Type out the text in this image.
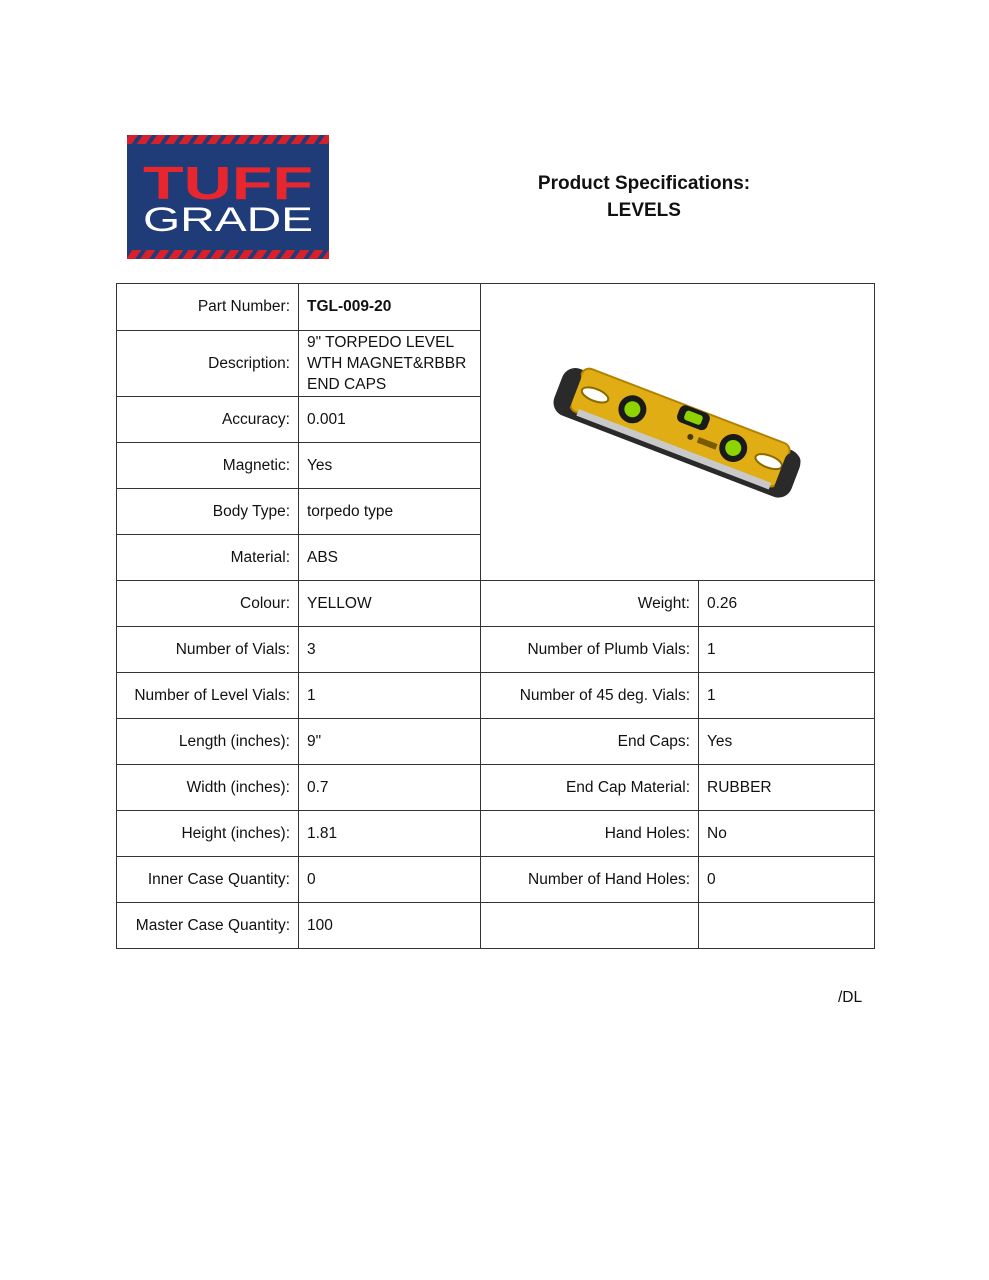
TUFF
GRADE
Product Specifications:
LEVELS
Part Number:	TGL-009-20	
Description:	9" TORPEDO LEVEL WTH MAGNET&RBBR END CAPS		
Accuracy:	0.001		
Magnetic:	Yes		
Body Type:	torpedo type		
Material:	ABS		
Colour:	YELLOW	Weight:	0.26
Number of Vials:	3	Number of Plumb Vials:	1
Number of Level Vials:	1	Number of 45 deg. Vials:	1
Length (inches):	9"	End Caps:	Yes
Width (inches):	0.7	End Cap Material:	RUBBER
Height (inches):	1.81	Hand Holes:	No
Inner Case Quantity:	0	Number of Hand Holes:	0
Master Case Quantity:	100		
/DL
